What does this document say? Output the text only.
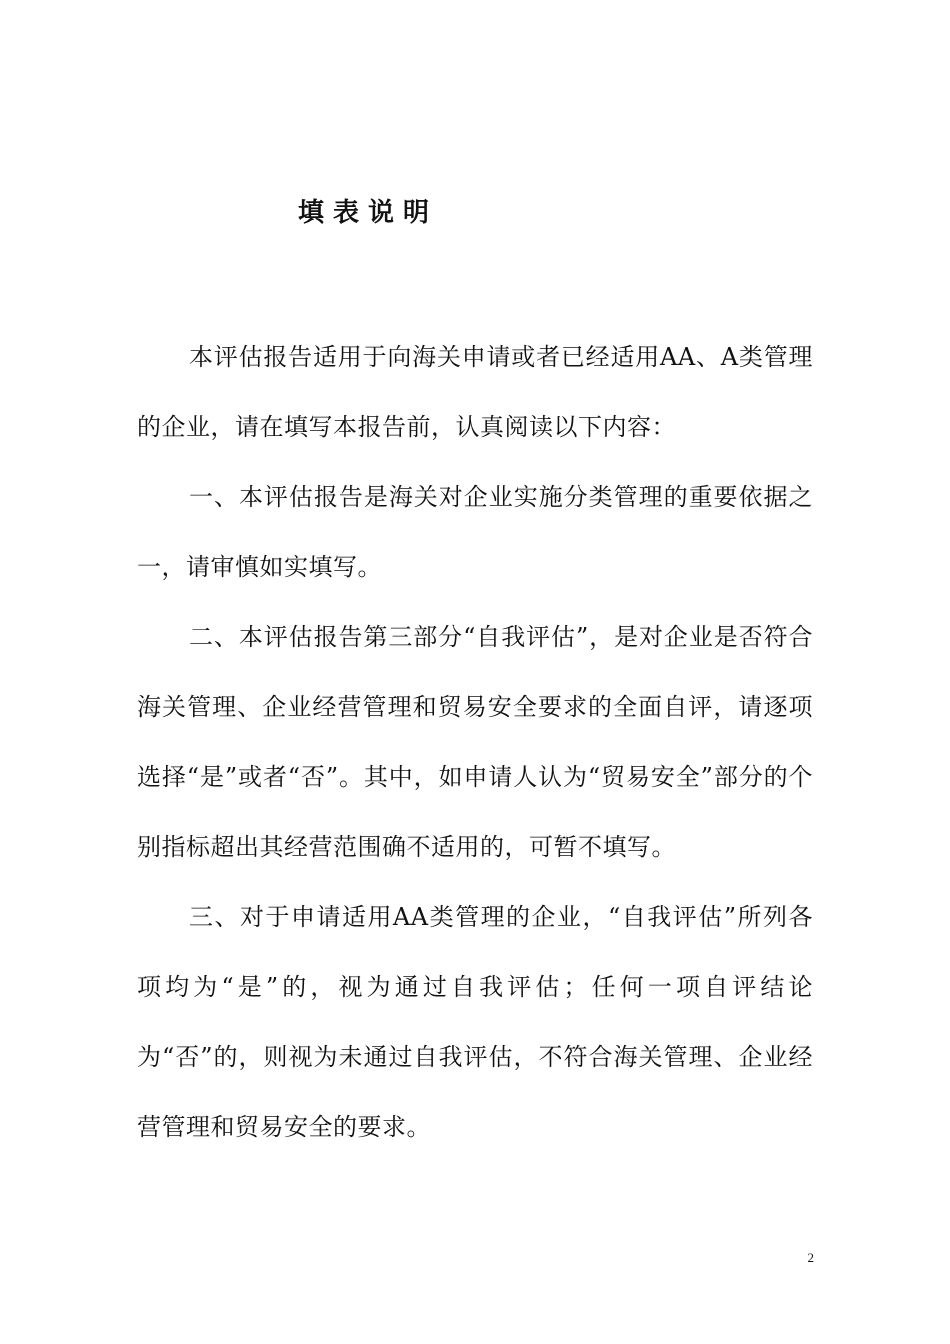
填表说明

本评估报告适用于向海关申请或者已经适用AA、A类管理的企业，请在填写本报告前，认真阅读以下内容：

一、本评估报告是海关对企业实施分类管理的重要依据之一，请审慎如实填写。

二、本评估报告第三部分“自我评估”，是对企业是否符合海关管理、企业经营管理和贸易安全要求的全面自评，请逐项选择“是”或者“否”。其中，如申请人认为“贸易安全”部分的个别指标超出其经营范围确不适用的，可暂不填写。

三、对于申请适用AA类管理的企业，“自我评估”所列各项均为“是”的，视为通过自我评估；任何一项自评结论为“否”的，则视为未通过自我评估，不符合海关管理、企业经营管理和贸易安全的要求。

2
